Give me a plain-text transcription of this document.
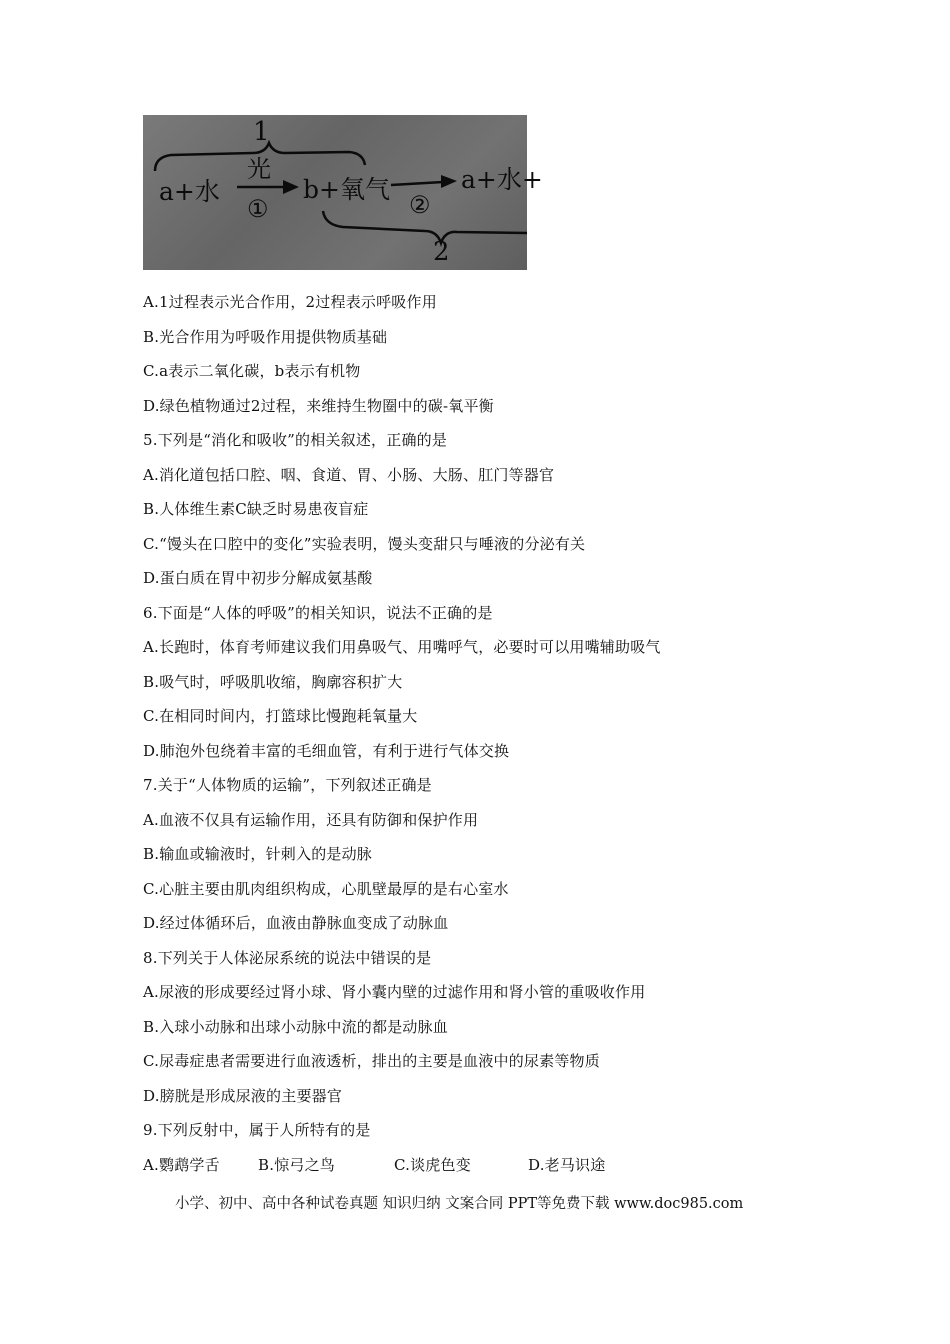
1
a+水
光
①
b+氧气
②
a+水+
2
A.1过程表示光合作用，2过程表示呼吸作用
B.光合作用为呼吸作用提供物质基础
C.a表示二氧化碳，b表示有机物
D.绿色植物通过2过程，来维持生物圈中的碳-氧平衡
5.下列是“消化和吸收”的相关叙述，正确的是
A.消化道包括口腔、咽、食道、胃、小肠、大肠、肛门等器官
B.人体维生素C缺乏时易患夜盲症
C.“馒头在口腔中的变化”实验表明，馒头变甜只与唾液的分泌有关
D.蛋白质在胃中初步分解成氨基酸
6.下面是“人体的呼吸”的相关知识，说法不正确的是
A.长跑时，体育考师建议我们用鼻吸气、用嘴呼气，必要时可以用嘴辅助吸气
B.吸气时，呼吸肌收缩，胸廓容积扩大
C.在相同时间内，打篮球比慢跑耗氧量大
D.肺泡外包绕着丰富的毛细血管，有利于进行气体交换
7.关于“人体物质的运输”，下列叙述正确是
A.血液不仅具有运输作用，还具有防御和保护作用
B.输血或输液时，针刺入的是动脉
C.心脏主要由肌肉组织构成，心肌壁最厚的是右心室水
D.经过体循环后，血液由静脉血变成了动脉血
8.下列关于人体泌尿系统的说法中错误的是
A.尿液的形成要经过肾小球、肾小囊内壁的过滤作用和肾小管的重吸收作用
B.入球小动脉和出球小动脉中流的都是动脉血
C.尿毒症患者需要进行血液透析，排出的主要是血液中的尿素等物质
D.膀胱是形成尿液的主要器官
9.下列反射中，属于人所特有的是
A.鹦鹉学舌	B.惊弓之鸟	C.谈虎色变	D.老马识途
小学、初中、高中各种试卷真题 知识归纳 文案合同 PPT等免费下载 www.doc985.com
